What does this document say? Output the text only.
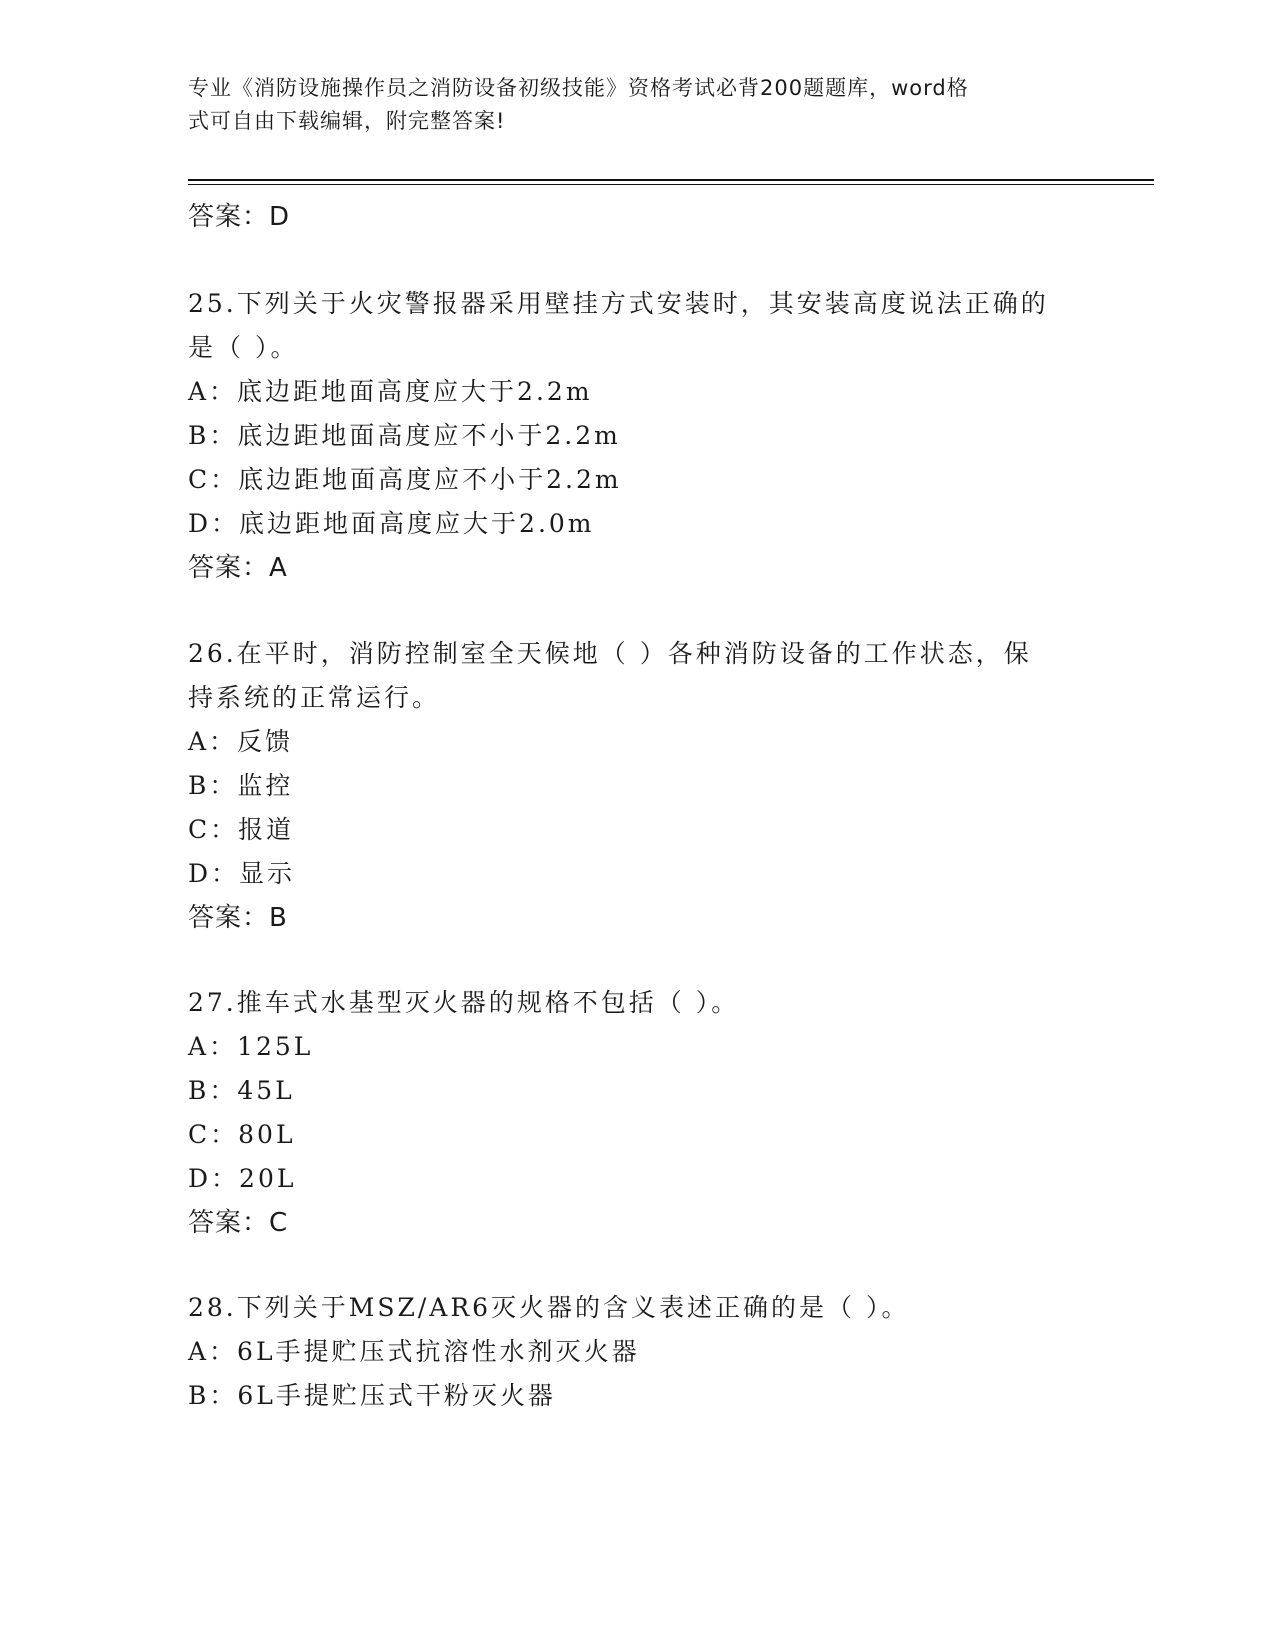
专业《消防设施操作员之消防设备初级技能》资格考试必背200题题库，word格
式可自由下载编辑，附完整答案!
答案：D
25.下列关于火灾警报器采用壁挂方式安装时，其安装高度说法正确的
是（ ）。
A：底边距地面高度应大于2.2m
B：底边距地面高度应不小于2.2m
C：底边距地面高度应不小于2.2m
D：底边距地面高度应大于2.0m
答案：A
26.在平时，消防控制室全天候地（ ）各种消防设备的工作状态，保
持系统的正常运行。
A：反馈
B：监控
C：报道
D：显示
答案：B
27.推车式水基型灭火器的规格不包括（ ）。
A：125L
B：45L
C：80L
D：20L
答案：C
28.下列关于MSZ/AR6灭火器的含义表述正确的是（ ）。
A：6L手提贮压式抗溶性水剂灭火器
B：6L手提贮压式干粉灭火器
